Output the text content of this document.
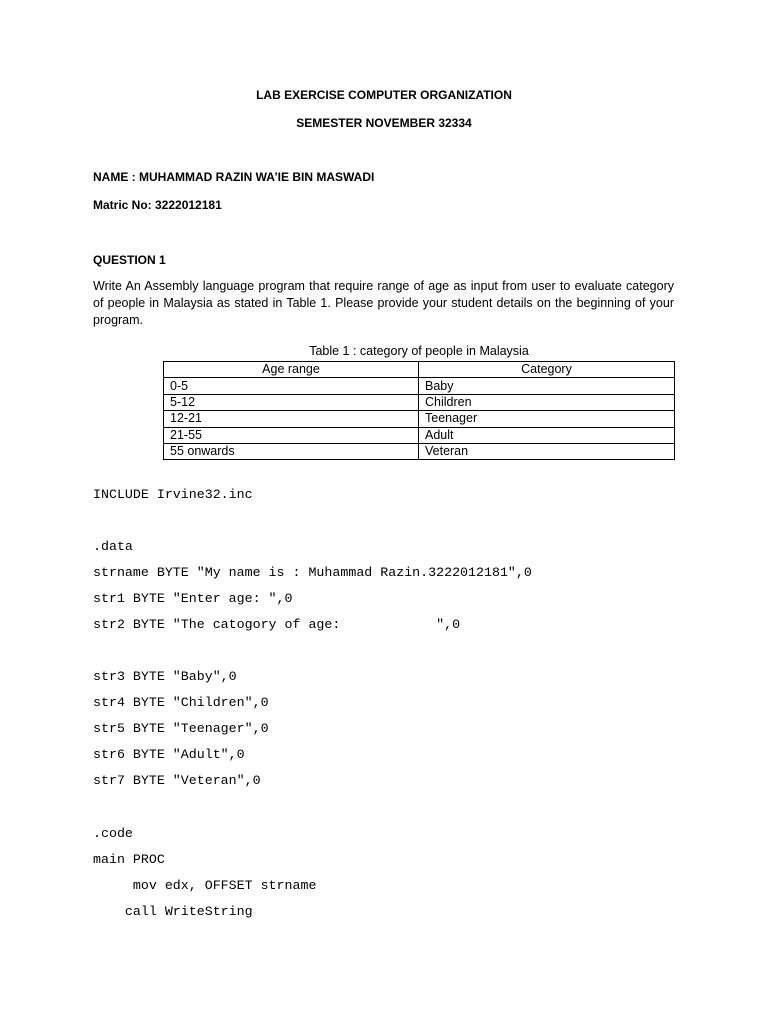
LAB EXERCISE COMPUTER ORGANIZATION
SEMESTER NOVEMBER 32334
NAME : MUHAMMAD RAZIN WA’IE BIN MASWADI
Matric No: 3222012181
QUESTION 1
Write An Assembly language program that require range of age as input from user to evaluate category of people in Malaysia as stated in Table 1. Please provide your student details on the beginning of your program.
Table 1 : category of people in Malaysia
Age range	Category
0-5	Baby
5-12	Children
12-21	Teenager
21-55	Adult
55 onwards	Veteran
INCLUDE Irvine32.inc
.data
strname BYTE "My name is : Muhammad Razin.3222012181",0
str1 BYTE "Enter age: ",0
str2 BYTE "The catogory of age:            ",0
str3 BYTE "Baby",0
str4 BYTE "Children",0
str5 BYTE "Teenager",0
str6 BYTE "Adult",0
str7 BYTE "Veteran",0
.code
main PROC
mov edx, OFFSET strname
call WriteString
